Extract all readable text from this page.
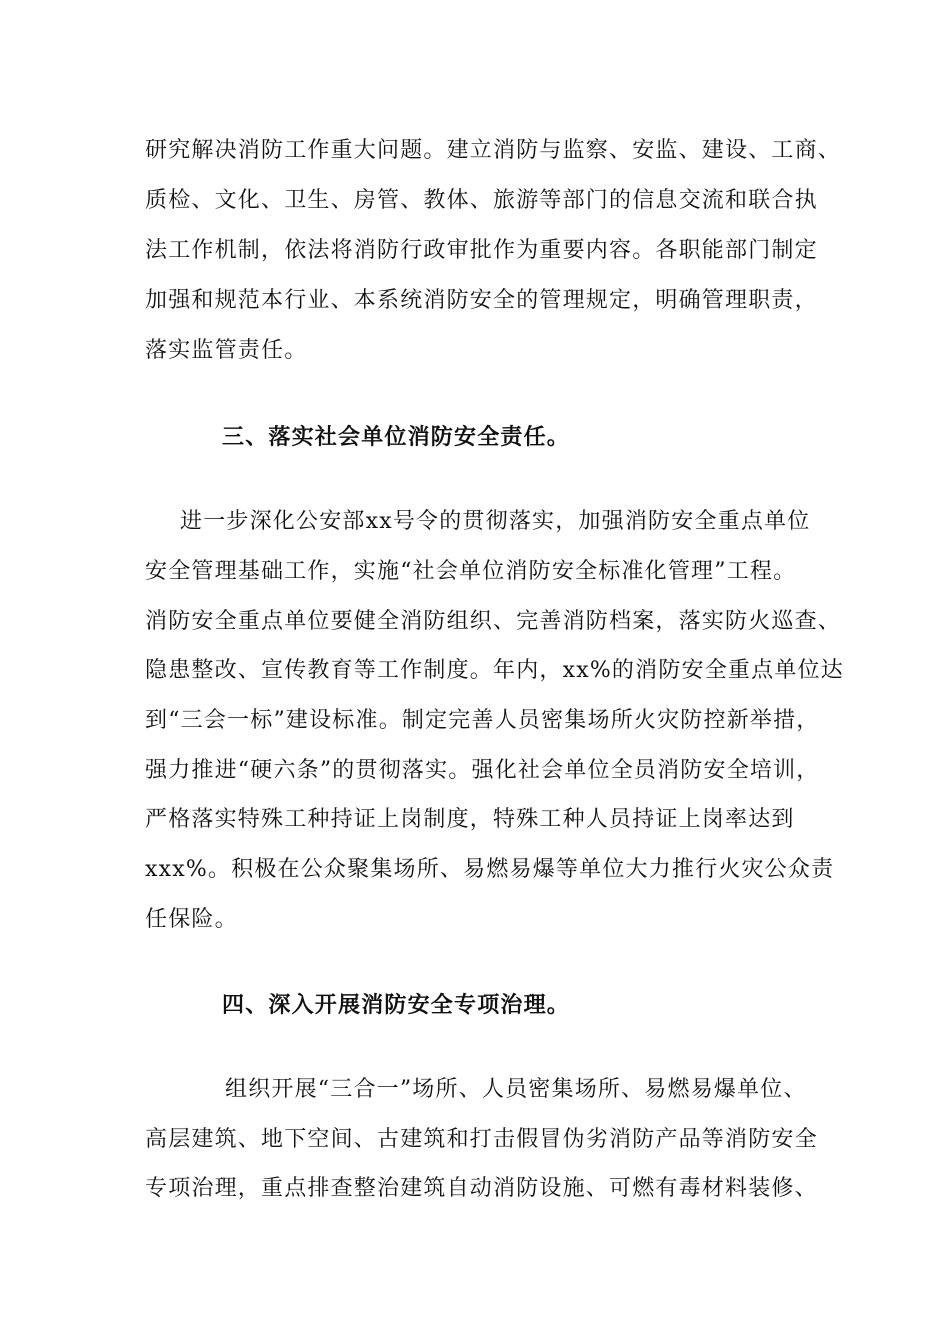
研究解决消防工作重大问题。建立消防与监察、安监、建设、工商、
质检、文化、卫生、房管、教体、旅游等部门的信息交流和联合执
法工作机制，依法将消防行政审批作为重要内容。各职能部门制定
加强和规范本行业、本系统消防安全的管理规定，明确管理职责，
落实监管责任。
三、落实社会单位消防安全责任。
进一步深化公安部xx号令的贯彻落实，加强消防安全重点单位
安全管理基础工作，实施“社会单位消防安全标准化管理”工程。
消防安全重点单位要健全消防组织、完善消防档案，落实防火巡查、
隐患整改、宣传教育等工作制度。年内，xx%的消防安全重点单位达
到“三会一标”建设标准。制定完善人员密集场所火灾防控新举措，
强力推进“硬六条”的贯彻落实。强化社会单位全员消防安全培训，
严格落实特殊工种持证上岗制度，特殊工种人员持证上岗率达到
xxx%。积极在公众聚集场所、易燃易爆等单位大力推行火灾公众责
任保险。
四、深入开展消防安全专项治理。
组织开展“三合一”场所、人员密集场所、易燃易爆单位、
高层建筑、地下空间、古建筑和打击假冒伪劣消防产品等消防安全
专项治理，重点排查整治建筑自动消防设施、可燃有毒材料装修、
